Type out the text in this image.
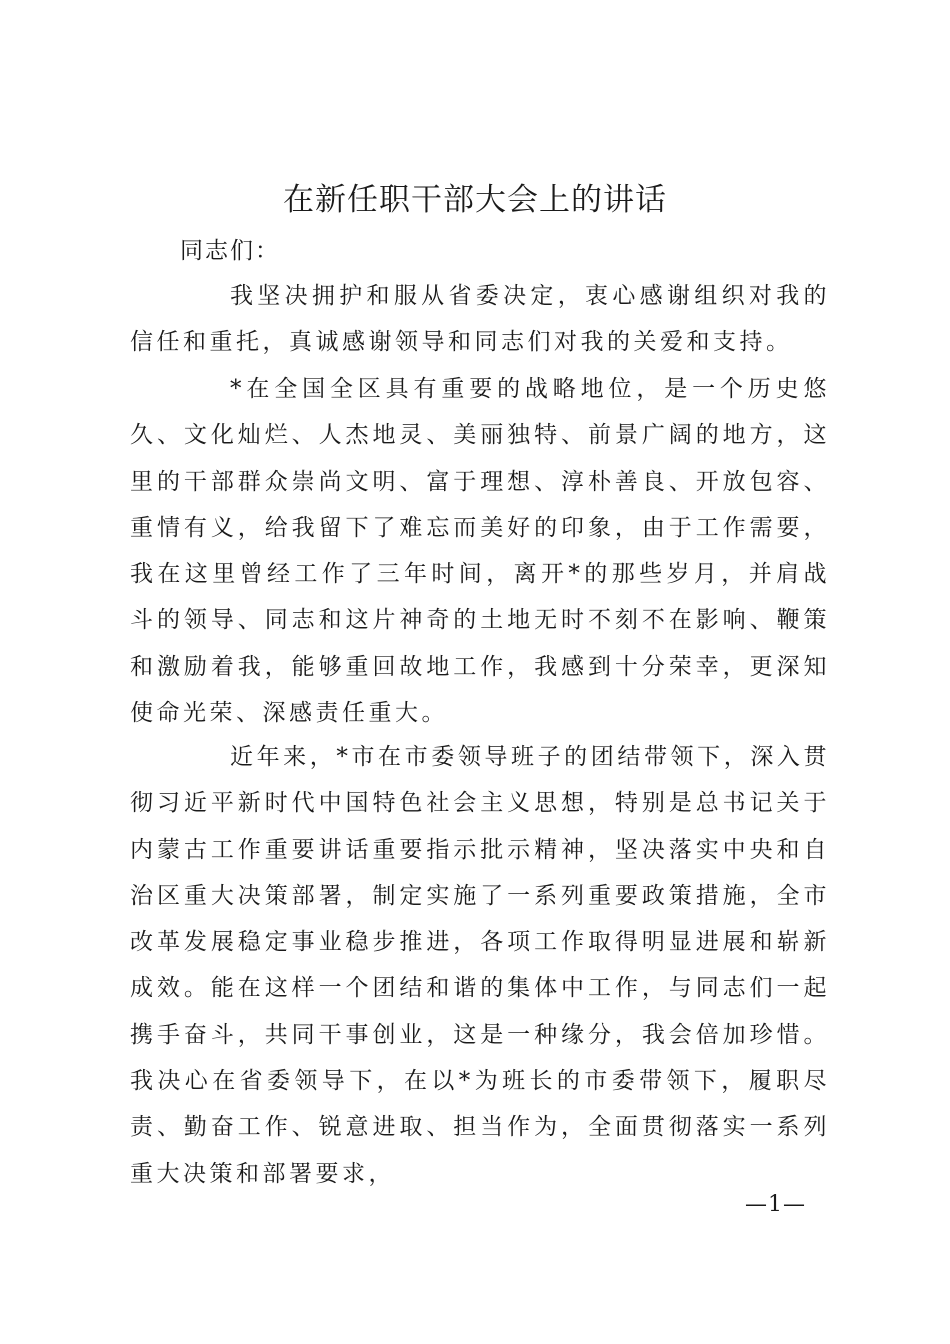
在新任职干部大会上的讲话

同志们：

我坚决拥护和服从省委决定，衷心感谢组织对我的信任和重托，真诚感谢领导和同志们对我的关爱和支持。

*在全国全区具有重要的战略地位，是一个历史悠久、文化灿烂、人杰地灵、美丽独特、前景广阔的地方，这里的干部群众崇尚文明、富于理想、淳朴善良、开放包容、重情有义，给我留下了难忘而美好的印象，由于工作需要，我在这里曾经工作了三年时间，离开*的那些岁月，并肩战斗的领导、同志和这片神奇的土地无时不刻不在影响、鞭策和激励着我，能够重回故地工作，我感到十分荣幸，更深知使命光荣、深感责任重大。

近年来，*市在市委领导班子的团结带领下，深入贯彻习近平新时代中国特色社会主义思想，特别是总书记关于内蒙古工作重要讲话重要指示批示精神，坚决落实中央和自治区重大决策部署，制定实施了一系列重要政策措施，全市改革发展稳定事业稳步推进，各项工作取得明显进展和崭新成效。能在这样一个团结和谐的集体中工作，与同志们一起携手奋斗，共同干事创业，这是一种缘分，我会倍加珍惜。我决心在省委领导下，在以*为班长的市委带领下，履职尽责、勤奋工作、锐意进取、担当作为，全面贯彻落实一系列重大决策和部署要求，

—1—
